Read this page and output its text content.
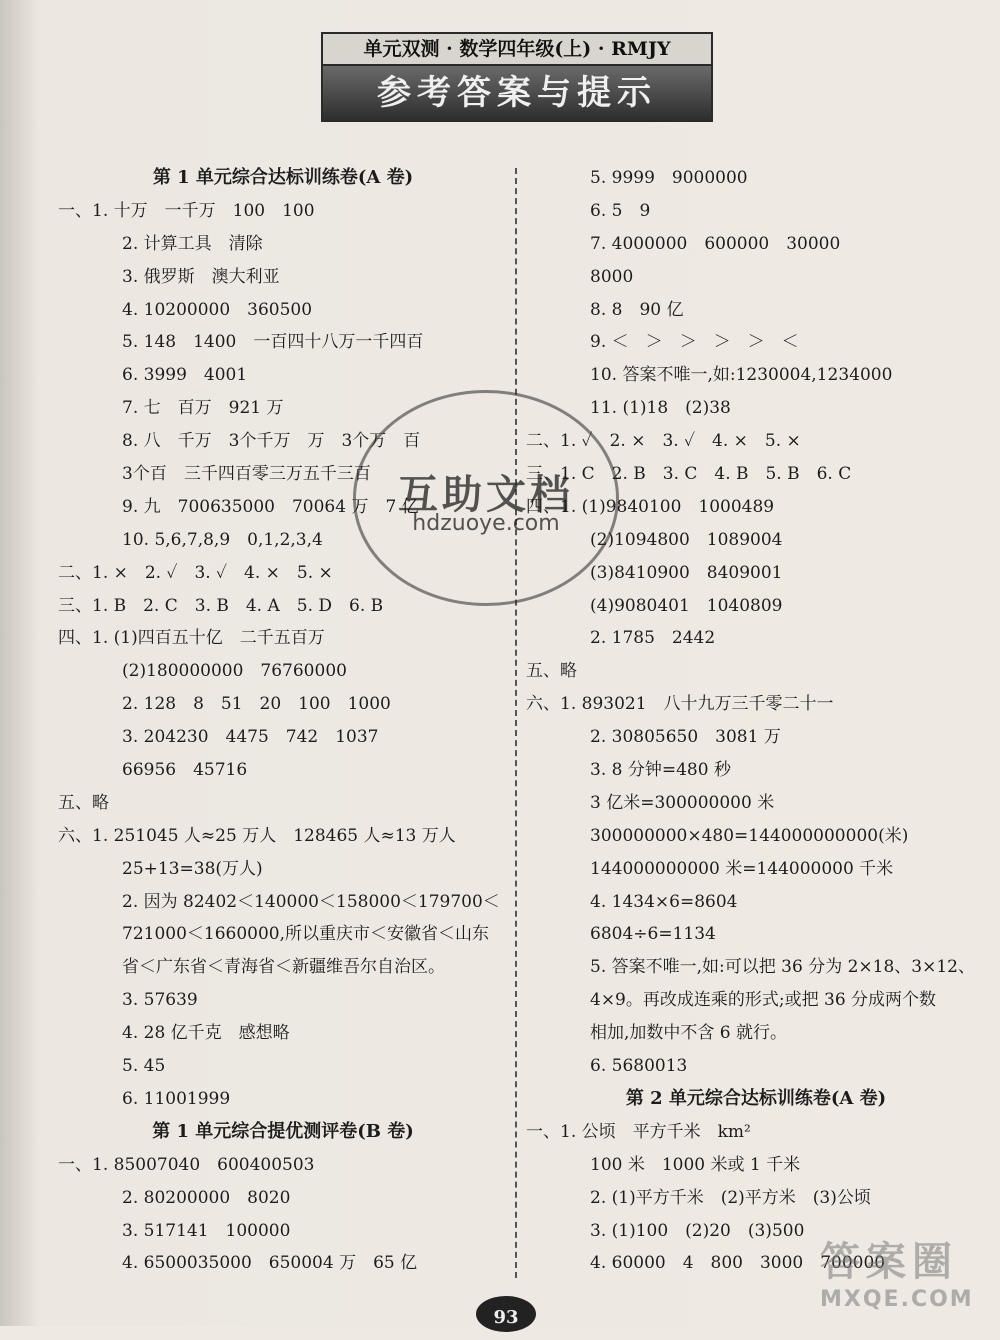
单元双测 · 数学四年级(上) · RMJY
参考答案与提示
第 1 单元综合达标训练卷(A 卷)
一、1. 十万　一千万　100　100
2. 计算工具　清除
3. 俄罗斯　澳大利亚
4. 10200000　360500
5. 148　1400　一百四十八万一千四百
6. 3999　4001
7. 七　百万　921 万
8. 八　千万　3个千万　万　3个万　百
3个百　三千四百零三万五千三百
9. 九　700635000　70064 万　7 亿
10. 5,6,7,8,9　0,1,2,3,4
二、1. ×　2. ✓　3. ✓　4. ×　5. ×
三、1. B　2. C　3. B　4. A　5. D　6. B
四、1. (1)四百五十亿　二千五百万
(2)180000000　76760000
2. 128　8　51　20　100　1000
3. 204230　4475　742　1037
66956　45716
五、略
六、1. 251045 人≈25 万人　128465 人≈13 万人
25+13=38(万人)
2. 因为 82402＜140000＜158000＜179700＜
721000＜1660000,所以重庆市＜安徽省＜山东
省＜广东省＜青海省＜新疆维吾尔自治区。
3. 57639
4. 28 亿千克　感想略
5. 45
6. 11001999
第 1 单元综合提优测评卷(B 卷)
一、1. 85007040　600400503
2. 80200000　8020
3. 517141　100000
4. 6500035000　650004 万　65 亿
5. 9999　9000000
6. 5　9
7. 4000000　600000　30000
8000
8. 8　90 亿
9. ＜　＞　＞　＞　＞　＜
10. 答案不唯一,如:1230004,1234000
11. (1)18　(2)38
二、1. ✓　2. ×　3. ✓　4. ×　5. ×
三、1. C　2. B　3. C　4. B　5. B　6. C
四、1. (1)9840100　1000489
(2)1094800　1089004
(3)8410900　8409001
(4)9080401　1040809
2. 1785　2442
五、略
六、1. 893021　八十九万三千零二十一
2. 30805650　3081 万
3. 8 分钟=480 秒
3 亿米=300000000 米
300000000×480=144000000000(米)
144000000000 米=144000000 千米
4. 1434×6=8604
6804÷6=1134
5. 答案不唯一,如:可以把 36 分为 2×18、3×12、
4×9。再改成连乘的形式;或把 36 分成两个数
相加,加数中不含 6 就行。
6. 5680013
第 2 单元综合达标训练卷(A 卷)
一、1. 公顷　平方千米　km²
100 米　1000 米或 1 千米
2. (1)平方千米　(2)平方米　(3)公顷
3. (1)100　(2)20　(3)500
4. 60000　4　800　3000　700000
互助文档
hdzuoye.com
93
答案圈
MXQE.COM
